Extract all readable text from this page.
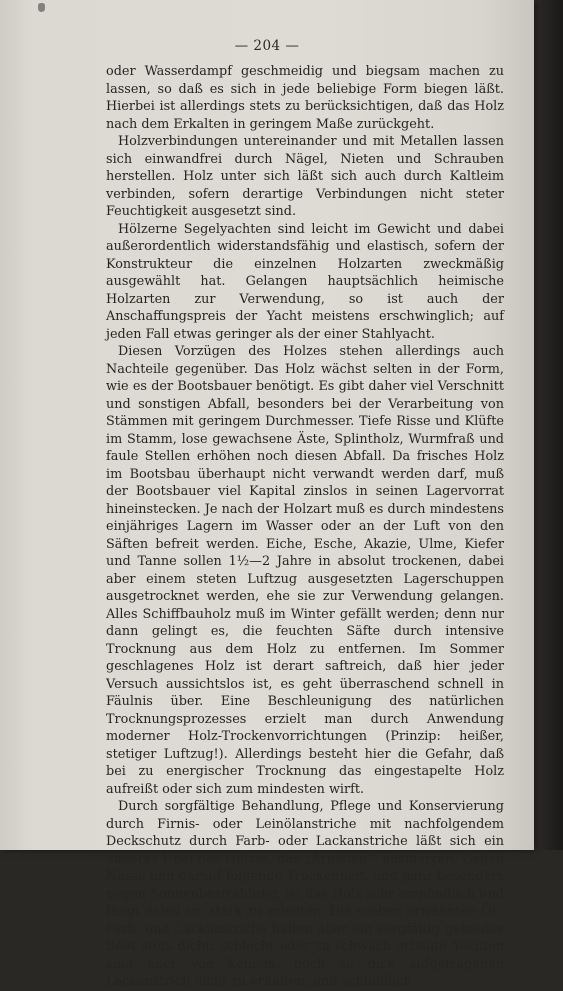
— 204 —

oder Wasserdampf geschmeidig und biegsam machen zu lassen, so daß es sich in jede beliebige Form biegen läßt. Hierbei ist allerdings stets zu berücksichtigen, daß das Holz nach dem Erkalten in geringem Maße zurückgeht.

Holzverbindungen untereinander und mit Metallen lassen sich einwandfrei durch Nägel, Nieten und Schrauben herstellen. Holz unter sich läßt sich auch durch Kaltleim verbinden, sofern derartige Verbindungen nicht steter Feuchtigkeit ausgesetzt sind.

Hölzerne Segelyachten sind leicht im Gewicht und dabei außerordentlich widerstandsfähig und elastisch, sofern der Konstrukteur die einzelnen Holzarten zweckmäßig ausgewählt hat. Gelangen hauptsächlich heimische Holzarten zur Verwendung, so ist auch der Anschaffungspreis der Yacht meistens erschwinglich; auf jeden Fall etwas geringer als der einer Stahlyacht.

Diesen Vorzügen des Holzes stehen allerdings auch Nachteile gegenüber. Das Holz wächst selten in der Form, wie es der Bootsbauer benötigt. Es gibt daher viel Verschnitt und sonstigen Abfall, besonders bei der Verarbeitung von Stämmen mit geringem Durchmesser. Tiefe Risse und Klüfte im Stamm, lose gewachsene Äste, Splintholz, Wurmfraß und faule Stellen erhöhen noch diesen Abfall. Da frisches Holz im Bootsbau überhaupt nicht verwandt werden darf, muß der Bootsbauer viel Kapital zinslos in seinen Lagervorrat hineinstecken. Je nach der Holzart muß es durch mindestens einjähriges Lagern im Wasser oder an der Luft von den Säften befreit werden. Eiche, Esche, Akazie, Ulme, Kiefer und Tanne sollen 1½—2 Jahre in absolut trockenen, dabei aber einem steten Luftzug ausgesetzten Lagerschuppen ausgetrocknet werden, ehe sie zur Verwendung gelangen. Alles Schiffbauholz muß im Winter gefällt werden; denn nur dann gelingt es, die feuchten Säfte durch intensive Trocknung aus dem Holz zu entfernen. Im Sommer geschlagenes Holz ist derart saftreich, daß hier jeder Versuch aussichtslos ist, es geht überraschend schnell in Fäulnis über. Eine Beschleunigung des natürlichen Trocknungsprozesses erzielt man durch Anwendung moderner Holz-Trockenvorrichtungen (Prinzip: heißer, stetiger Luftzug!). Allerdings besteht hier die Gefahr, daß bei zu energischer Trocknung das eingestapelte Holz aufreißt oder sich zum mindesten wirft.

Durch sorgfältige Behandlung, Pflege und Konservierung durch Firnis- oder Leinölanstriche mit nachfolgendem Deckschutz durch Farb- oder Lackanstriche läßt sich ein anderes Übel des Holzes, das „Arbeiten“, ausmerzen. Gegen Nässe und darauf folgende Trockenheit, und ganz besonders gegen Sonnenbestrahlung, ist das Holz sehr empfindlich und fängt dabei an, stark zu arbeiten. Die soeben erwähnten Öl-, Farb- und Lackanstriche halten aber ein sorgfältig gebautes Boot stets dicht; schlecht oder zu schwach erbaute Yachten sind aber von keinem, noch so dick aufgetragenen Lackanstrich dicht zu erhalten, und schließlich
